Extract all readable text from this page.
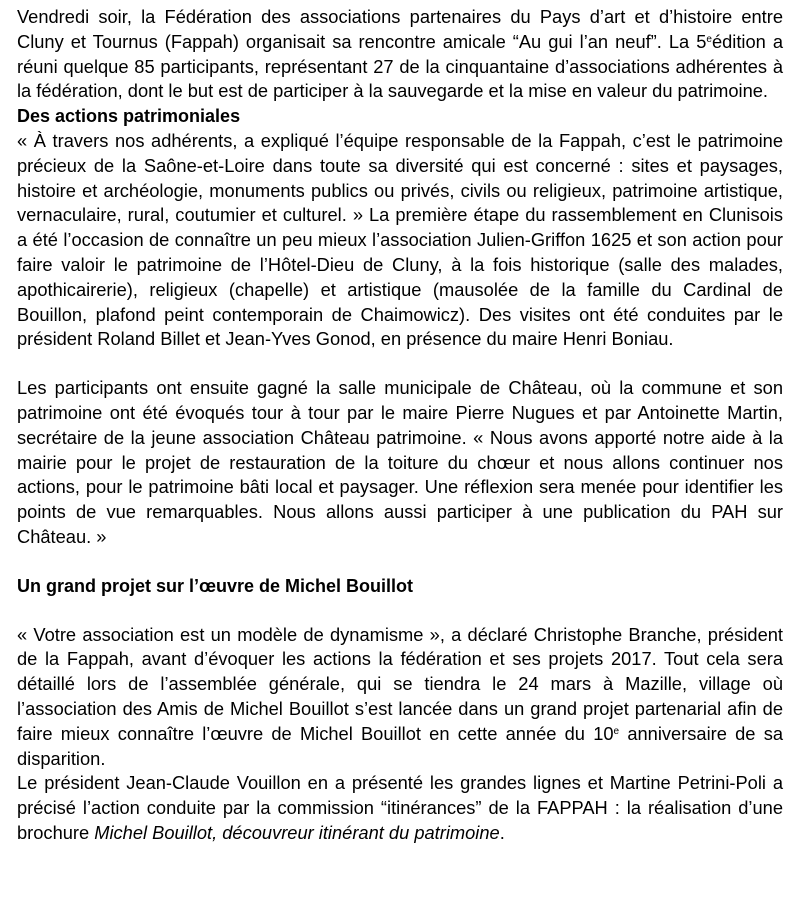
Vendredi soir, la Fédération des associations partenaires du Pays d’art et d’histoire entre Cluny et Tournus (Fappah) organisait sa rencontre amicale “Au gui l’an neuf”. La 5eédition a réuni quelque 85 participants, représentant 27 de la cinquantaine d’associations adhérentes à la fédération, dont le but est de participer à la sauvegarde et la mise en valeur du patrimoine.

Des actions patrimoniales

« À travers nos adhérents, a expliqué l’équipe responsable de la Fappah, c’est le patrimoine précieux de la Saône-et-Loire dans toute sa diversité qui est concerné : sites et paysages, histoire et archéologie, monuments publics ou privés, civils ou religieux, patrimoine artistique, vernaculaire, rural, coutumier et culturel. » La première étape du rassemblement en Clunisois a été l’occasion de connaître un peu mieux l’association Julien-Griffon 1625 et son action pour faire valoir le patrimoine de l’Hôtel-Dieu de Cluny, à la fois historique (salle des malades, apothicairerie), religieux (chapelle) et artistique (mausolée de la famille du Cardinal de Bouillon, plafond peint contemporain de Chaimowicz). Des visites ont été conduites par le président Roland Billet et Jean-Yves Gonod, en présence du maire Henri Boniau.

Les participants ont ensuite gagné la salle municipale de Château, où la commune et son patrimoine ont été évoqués tour à tour par le maire Pierre Nugues et par Antoinette Martin, secrétaire de la jeune association Château patrimoine. « Nous avons apporté notre aide à la mairie pour le projet de restauration de la toiture du chœur et nous allons continuer nos actions, pour le patrimoine bâti local et paysager. Une réflexion sera menée pour identifier les points de vue remarquables. Nous allons aussi participer à une publication du PAH sur Château. »

Un grand projet sur l’œuvre de Michel Bouillot

« Votre association est un modèle de dynamisme », a déclaré Christophe Branche, président de la Fappah, avant d’évoquer les actions la fédération et ses projets 2017. Tout cela sera détaillé lors de l’assemblée générale, qui se tiendra le 24 mars à Mazille, village où l’association des Amis de Michel Bouillot s’est lancée dans un grand projet partenarial afin de faire mieux connaître l’œuvre de Michel Bouillot en cette année du 10e anniversaire de sa disparition.

Le président Jean-Claude Vouillon en a présenté les grandes lignes et Martine Petrini-Poli a précisé l’action conduite par la commission “itinérances” de la FAPPAH : la réalisation d’une brochure Michel Bouillot, découvreur itinérant du patrimoine.
